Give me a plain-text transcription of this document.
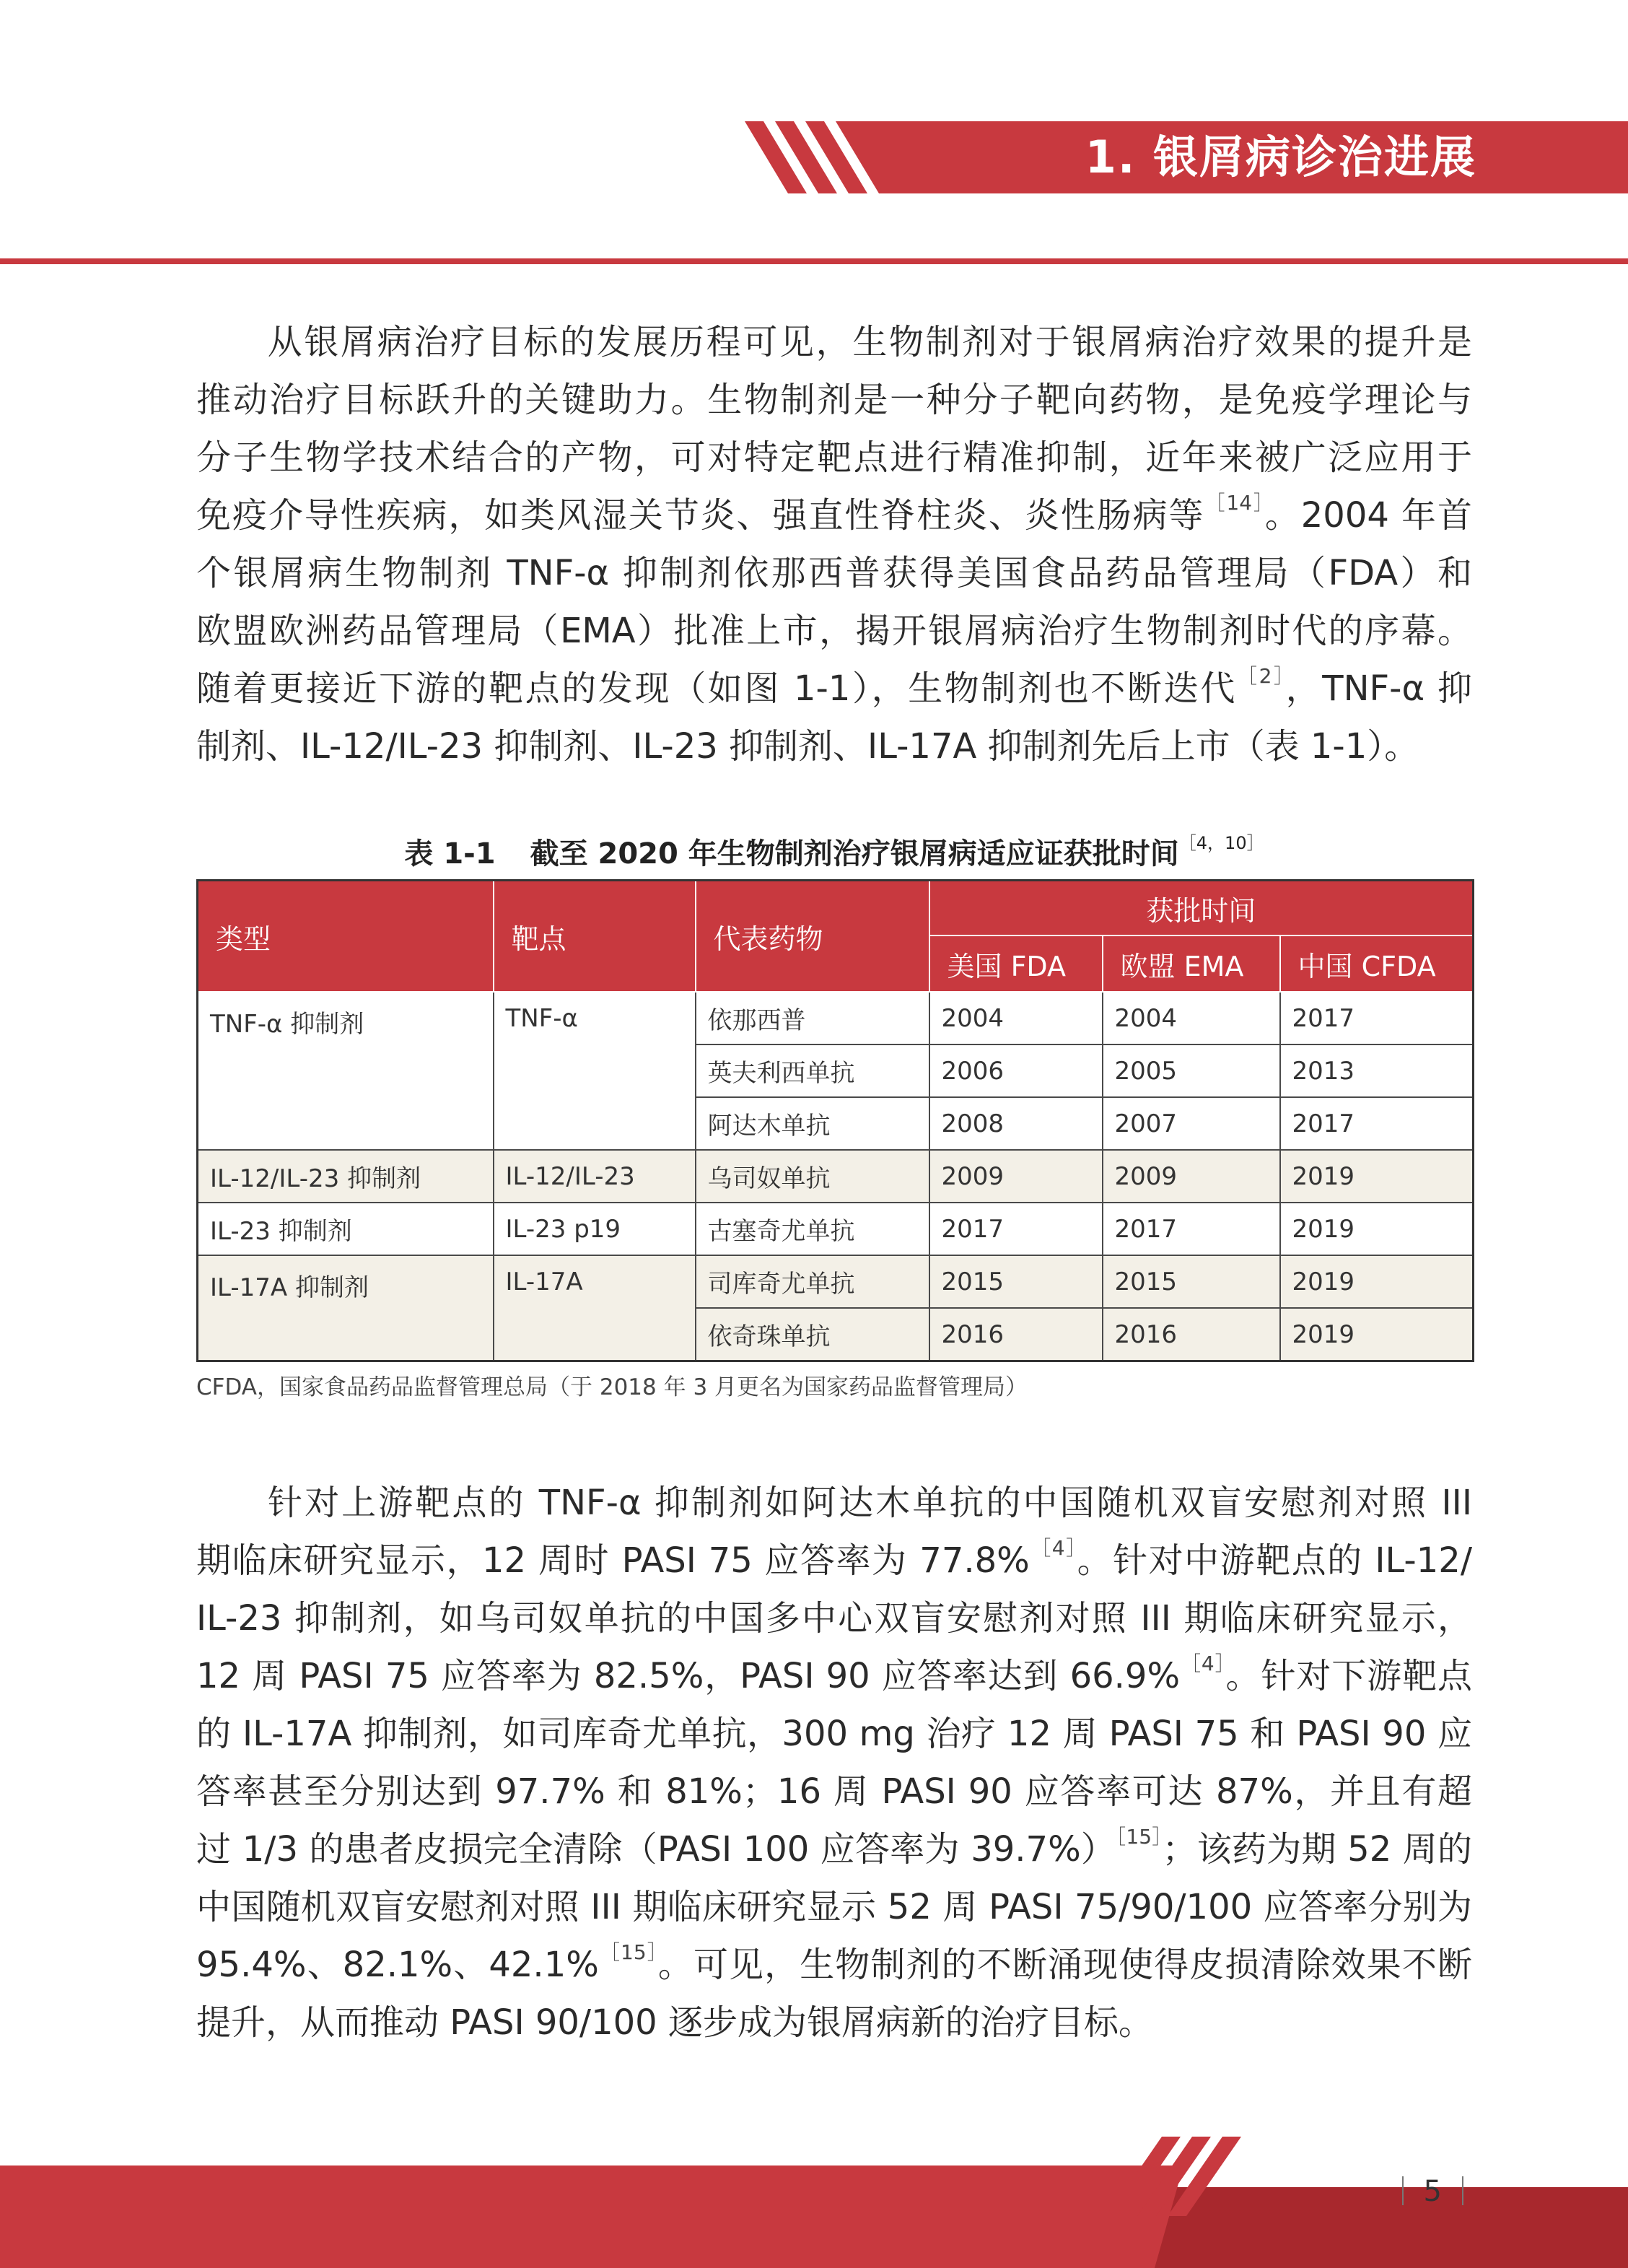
1. 银屑病诊治进展

从银屑病治疗目标的发展历程可见，生物制剂对于银屑病治疗效果的提升是

推动治疗目标跃升的关键助力。生物制剂是一种分子靶向药物，是免疫学理论与

分子生物学技术结合的产物，可对特定靶点进行精准抑制，近年来被广泛应用于

免疫介导性疾病，如类风湿关节炎、强直性脊柱炎、炎性肠病等$^{[14]}$。2004 年首

个银屑病生物制剂 TNF-α 抑制剂依那西普获得美国食品药品管理局（FDA）和

欧盟欧洲药品管理局（EMA）批准上市，揭开银屑病治疗生物制剂时代的序幕。

随着更接近下游的靶点的发现（如图 1-1），生物制剂也不断迭代$^{[2]}$，TNF-α 抑

制剂、IL-12/IL-23 抑制剂、IL-23 抑制剂、IL-17A 抑制剂先后上市（表 1-1）。

表 1-1 截至 2020 年生物制剂治疗银屑病适应证获批时间$^{[4,10]}$
类型	靶点	代表药物	获批时间		
			美国 FDA	欧盟 EMA	中国 CFDA
TNF-α 抑制剂	TNF-α	依那西普	2004	2004	2017
		英夫利西单抗	2006	2005	2013
		阿达木单抗	2008	2007	2017
IL-12/IL-23 抑制剂	IL-12/IL-23	乌司奴单抗	2009	2009	2019
IL-23 抑制剂	IL-23 p19	古塞奇尤单抗	2017	2017	2019
IL-17A 抑制剂	IL-17A	司库奇尤单抗	2015	2015	2019
		依奇珠单抗	2016	2016	2019
CFDA，国家食品药品监督管理总局（于 2018 年 3 月更名为国家药品监督管理局）

针对上游靶点的 TNF-α 抑制剂如阿达木单抗的中国随机双盲安慰剂对照 III

期临床研究显示，12 周时 PASI 75 应答率为 77.8%$^{[4]}$。针对中游靶点的 IL-12/

IL-23 抑制剂，如乌司奴单抗的中国多中心双盲安慰剂对照 III 期临床研究显示，

12 周 PASI 75 应答率为 82.5%，PASI 90 应答率达到 66.9%$^{[4]}$。针对下游靶点

的 IL-17A 抑制剂，如司库奇尤单抗，300 mg 治疗 12 周 PASI 75 和 PASI 90 应

答率甚至分别达到 97.7% 和 81%；16 周 PASI 90 应答率可达 87%，并且有超

过 1/3 的患者皮损完全清除（PASI 100 应答率为 39.7%）$^{[15]}$；该药为期 52 周的

中国随机双盲安慰剂对照 III 期临床研究显示 52 周 PASI 75/90/100 应答率分别为

95.4%、82.1%、42.1%$^{[15]}$。可见，生物制剂的不断涌现使得皮损清除效果不断

提升，从而推动 PASI 90/100 逐步成为银屑病新的治疗目标。

5
